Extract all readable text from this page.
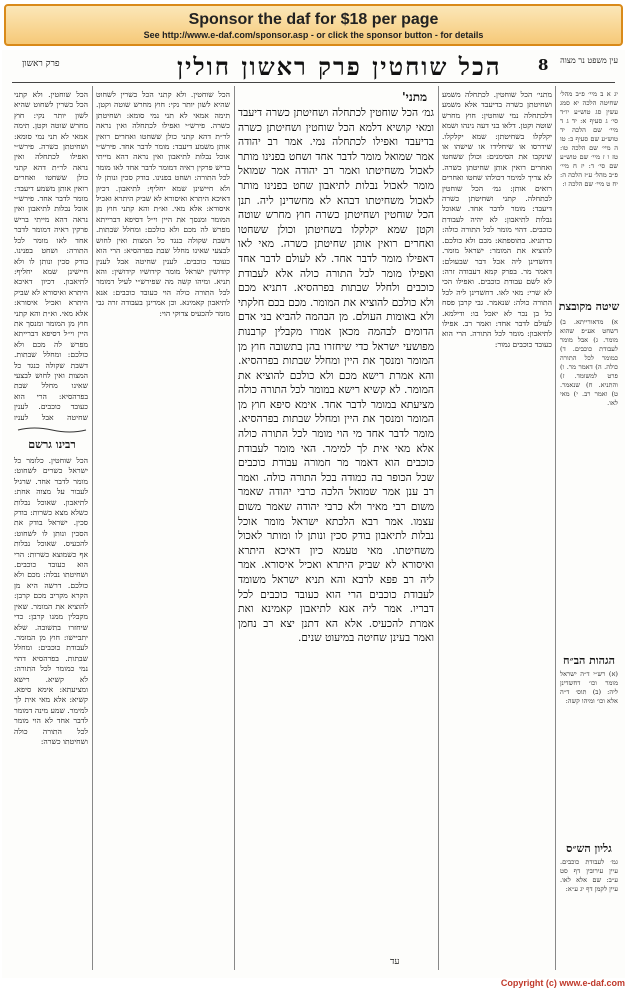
Sponsor the daf for $18 per page
See http://www.e-daf.com/sponsor.asp - or click the sponsor button - for details
פרק ראשון	הכל שוחטין פרק ראשון חולין 8 עין משפט נר מצוה
יג א ב מיי׳ פ״ב מהל׳ שחיטה הלכה יא סמג עשין סג טוש״ע יו״ד סי׳ ג סעיף א: יד ג ד מיי׳ שם הלכה יד טוש״ע שם סעיף ב: טו ה מיי׳ שם הלכה טו: טז ו ז מיי׳ שם טוש״ע שם סי׳ ד: יז ח מיי׳ פ״ב מהל׳ ע״ז הלכה ה: יח ט מיי׳ שם הלכה ו:
שיטה מקובצת
א) מדאורייתא. ב) דשחט אע״פ שהוא מומר. ג) אבל מומר לעבודת כוכבים. ד) כמומר לכל התורה כולה. ה) דאמר מר. ו) פרט למשומד. ז) והתניא. ח) שנאמר. ט) ואמר רב. י) מאי לאו.
הגהות הב״ח
(א) רש״י ד״ה ישראל מומר וכו׳ דחשדינן ליה: (ב) תוס׳ ד״ה אלא וכו׳ ומיהו קשה:
גליון הש״ס
גמ׳ לעבודת כוכבים. עיין עירובין דף סט ע״ב: שם אלא לאו. עיין לקמן דף יג ע״א:
מתני׳ הכל שוחטין. לכתחלה משמע ושחיטתן כשרה בדיעבד אלא משמע דלכתחלה נמי שוחטין: חוץ מחרש שוטה וקטן. דלאו בני דעה נינהו ושמא יקלקלו בשחיטתן: שמא יקלקלו. שידרסו או שיחלידו או שישהו או שינקבו את הסימנים: וכולן ששחטו ואחרים רואין אותן שחיטתן כשרה. לא צריך למימר דכולהו שחטו ואחרים רואים אותן: גמ׳ הכל שוחטין לכתחלה. קתני ושחיטתן כשרה דיעבד: מומר לדבר אחד. שאוכל נבלות לתיאבון: לא יהיה לעבודת כוכבים. דהוי מומר לכל התורה כולה: כדתניא. בתוספתא: מכם ולא כולכם. להוציא את המומר: ישראל מומר. דחשדינן ליה אכל דבר שבעולם: דאמר מר. בפרק קמא דעבודה זרה: לא לשם עבודת כוכבים. ואפילו הכי לא שרי: מאי לאו. דחשדינן ליה לכל התורה כולה: שנאמר. גבי קרבן פסח כל בן נכר לא יאכל בו: ודילמא. לעולם לדבר אחד: ואמר רב. אפילו לתיאבון: מומר לכל התורה. הרי הוא כעובד כוכבים גמור:
מתני'
גמ׳ הכל שוחטין לכתחלה ושחיטתן כשרה דיעבד ומאי קושיא דלמא הכל שוחטין ושחיטתן כשרה בדיעבד ואפילו לכתחלה נמי. אמר רב יהודה אמר שמואל מומר לדבר אחד ושחט בפנינו מותר לאכול משחיטתו ואמר רב יהודה אמר שמואל מומר לאכול נבלות לתיאבון שחט בפנינו מותר לאכול משחיטתו דבהא לא מחשדינן ליה. תנן הכל שוחטין ושחיטתן כשרה חוץ מחרש שוטה וקטן שמא יקלקלו בשחיטתן וכולן ששחטו ואחרים רואין אותן שחיטתן כשרה. מאי לאו דאפילו מומר לדבר אחד. לא לעולם לדבר אחד ואפילו מומר לכל התורה כולה אלא לעבודת כוכבים ולחלל שבתות בפרהסיא. דתניא מכם ולא כולכם להוציא את המומר. מכם בכם חלקתי ולא באומות העולם. מן הבהמה להביא בני אדם הדומים לבהמה מכאן אמרו מקבלין קרבנות מפושעי ישראל כדי שיחזרו בהן בתשובה חוץ מן המומר ומנסך את היין ומחלל שבתות בפרהסיא. והא אמרת רישא מכם ולא כולכם להוציא את המומר. לא קשיא רישא במומר לכל התורה כולה מציעתא במומר לדבר אחד. אימא סיפא חוץ מן המומר ומנסך את היין ומחלל שבתות בפרהסיא. מומר לדבר אחד מי הוי מומר לכל התורה כולה אלא מאי אית לך למימר. האי מומר לעבודת כוכבים הוא דאמר מר חמורה עבודת כוכבים שכל הכופר בה כמודה בכל התורה כולה. ואמר רב ענן אמר שמואל הלכה כרבי יהודה שאמר משום רבי מאיר ולא כרבי יהודה שאמר משום עצמו. אמר רבא הלכתא ישראל מומר אוכל נבלות לתיאבון בודק סכין ונותן לו ומותר לאכול משחיטתו. מאי טעמא כיון דאיכא היתרא ואיסורא לא שביק היתרא ואכיל איסורא. אמר ליה רב פפא לרבא והא תניא ישראל משומד לעבודת כוכבים הרי הוא כעובד כוכבים לכל דבריו. אמר ליה אנא לתיאבון קאמינא ואת אמרת להכעיס. אלא הא דתנן יצא רב נחמן ואמר בעינן שחיטה במיעוט שנים.
הכל שוחטין. ולא קתני הכל כשרין לשחוט שהיא לשון יותר נקי: חוץ מחרש שוטה וקטן. תימה אמאי לא תני נמי סומא: ושחיטתן כשרה. פירש״י ואפילו לכתחלה ואין נראה לר״ת דהא קתני כולן ששחטו ואחרים רואין אותן משמע דיעבד: מומר לדבר אחד. פירש״י אוכל נבלות לתיאבון ואין נראה דהא מייתי בריש פרקין ראיה דמומר לדבר אחד לאו מומר לכל התורה: ושחט בפנינו. בודק סכין ונותן לו ולא חיישינן שמא יחליף: לתיאבון. דכיון דאיכא היתרא ואיסורא לא שביק היתרא ואכיל איסורא: אלא מאי. וא״ת והא קתני חוץ מן המומר ומנסך את היין וי״ל דסיפא דברייתא מפרש לה מכם ולא כולכם: ומחלל שבתות. דשבת שקולה כנגד כל המצות ואין לחוש לבצעי שאינו מחלל שבת בפרהסיא: הרי הוא כעובד כוכבים. לענין שחיטה אבל לענין קידושין ישראל מומר קידושיו קידושין: והא תניא. ומיהו קשה מה שפירש״י לעיל דמומר לכל התורה כולה הוי כעובד כוכבים: אנא לתיאבון קאמינא. וכן אמרינן בעבודה זרה גבי מומר להכעיס צדוקי הוי:
הכל שוחטין. ולא קתני הכל כשרין לשחוט שהיא לשון יותר נקי: חוץ מחרש שוטה וקטן. תימה אמאי לא תני נמי סומא: ושחיטתן כשרה. פירש״י ואפילו לכתחלה ואין נראה לר״ת דהא קתני כולן ששחטו ואחרים רואין אותן משמע דיעבד: מומר לדבר אחד. פירש״י אוכל נבלות לתיאבון ואין נראה דהא מייתי בריש פרקין ראיה דמומר לדבר אחד לאו מומר לכל התורה: ושחט בפנינו. בודק סכין ונותן לו ולא חיישינן שמא יחליף: לתיאבון. דכיון דאיכא היתרא ואיסורא לא שביק היתרא ואכיל איסורא: אלא מאי. וא״ת והא קתני חוץ מן המומר ומנסך את היין וי״ל דסיפא דברייתא מפרש לה מכם ולא כולכם: ומחלל שבתות. דשבת שקולה כנגד כל המצות ואין לחוש לבצעי שאינו מחלל שבת בפרהסיא: הרי הוא כעובד כוכבים. לענין שחיטה אבל לענין
רבינו גרשם
הכל שוחטין. כלומר כל ישראל כשרים לשחוט: מומר לדבר אחד. שרגיל לעבור על מצוה אחת: לתיאבון. שאוכל נבלות כשלא מצא כשרות: בודק סכין. ישראל בודק את הסכין ונותן לו לשחוט: להכעיס. שאוכל נבלות אף כשמוצא כשרות: הרי הוא כעובד כוכבים. ושחיטתו נבלה: מכם ולא כולכם. דרשה היא מן הקרא מקריב מכם קרבן: להוציא את המומר. שאין מקבלין ממנו קרבן: כדי שיחזרו בתשובה. שלא יתביישו: חוץ מן המומר. לעבודת כוכבים: ומחלל שבתות. בפרהסיא דהוי נמי כמומר לכל התורה: לא קשיא. רישא ומציעתא: אימא סיפא. קשיא: אלא מאי אית לך למימר. שמע מינה דמומר לדבר אחד לא הוי מומר לכל התורה כולה ושחיטתו כשרה:
עד
Copyright (c) www.e-daf.com
